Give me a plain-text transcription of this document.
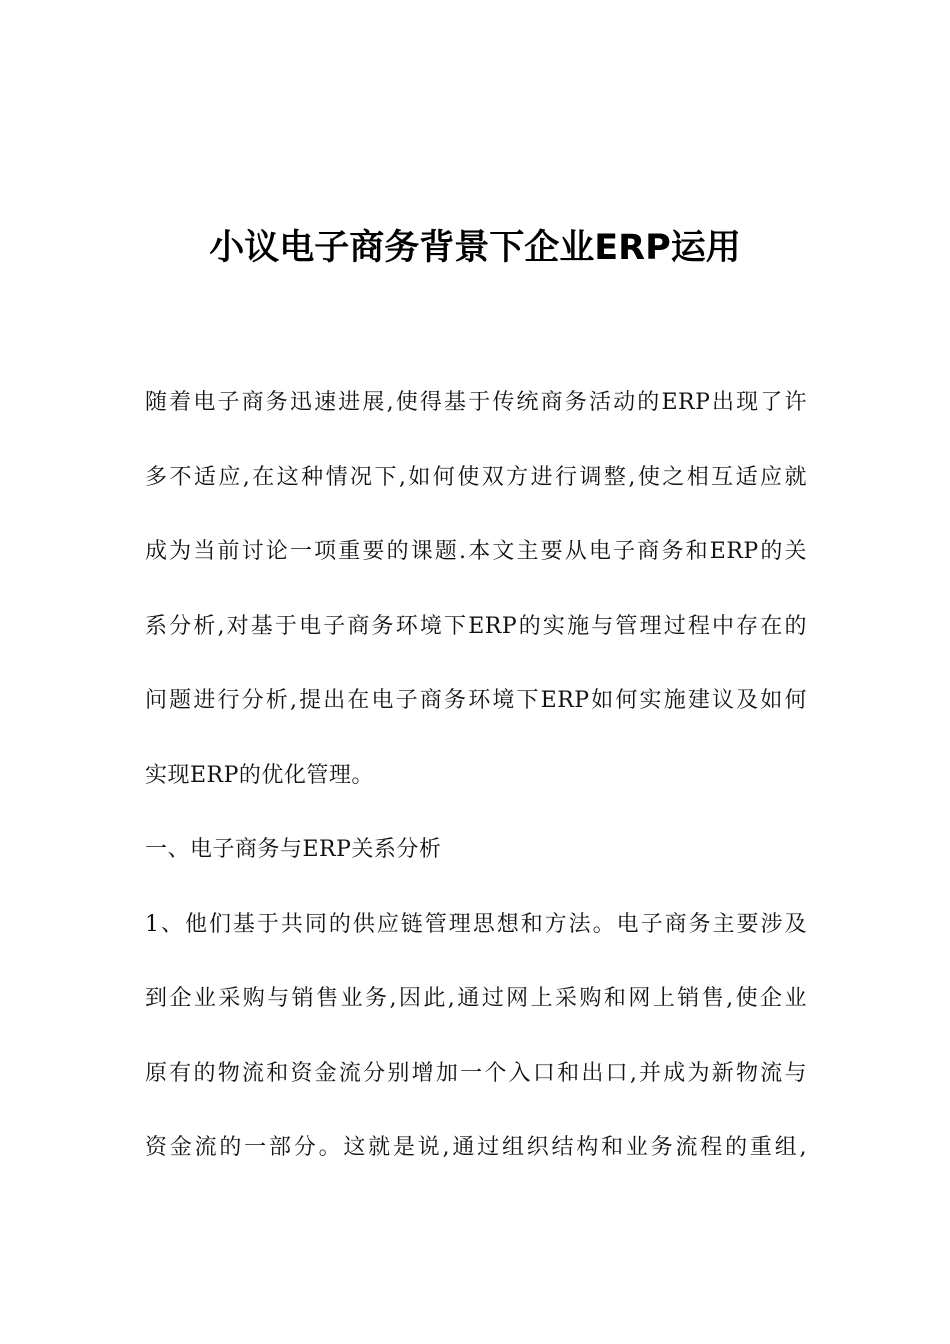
小议电子商务背景下企业ERP运用
随着电子商务迅速进展,使得基于传统商务活动的ERP出现了许
多不适应,在这种情况下,如何使双方进行调整,使之相互适应就
成为当前讨论一项重要的课题.本文主要从电子商务和ERP的关
系分析,对基于电子商务环境下ERP的实施与管理过程中存在的
问题进行分析,提出在电子商务环境下ERP如何实施建议及如何
实现ERP的优化管理。
一、电子商务与ERP关系分析
1、他们基于共同的供应链管理思想和方法。电子商务主要涉及
到企业采购与销售业务,因此,通过网上采购和网上销售,使企业
原有的物流和资金流分别增加一个入口和出口,并成为新物流与
资金流的一部分。这就是说,通过组织结构和业务流程的重组,
